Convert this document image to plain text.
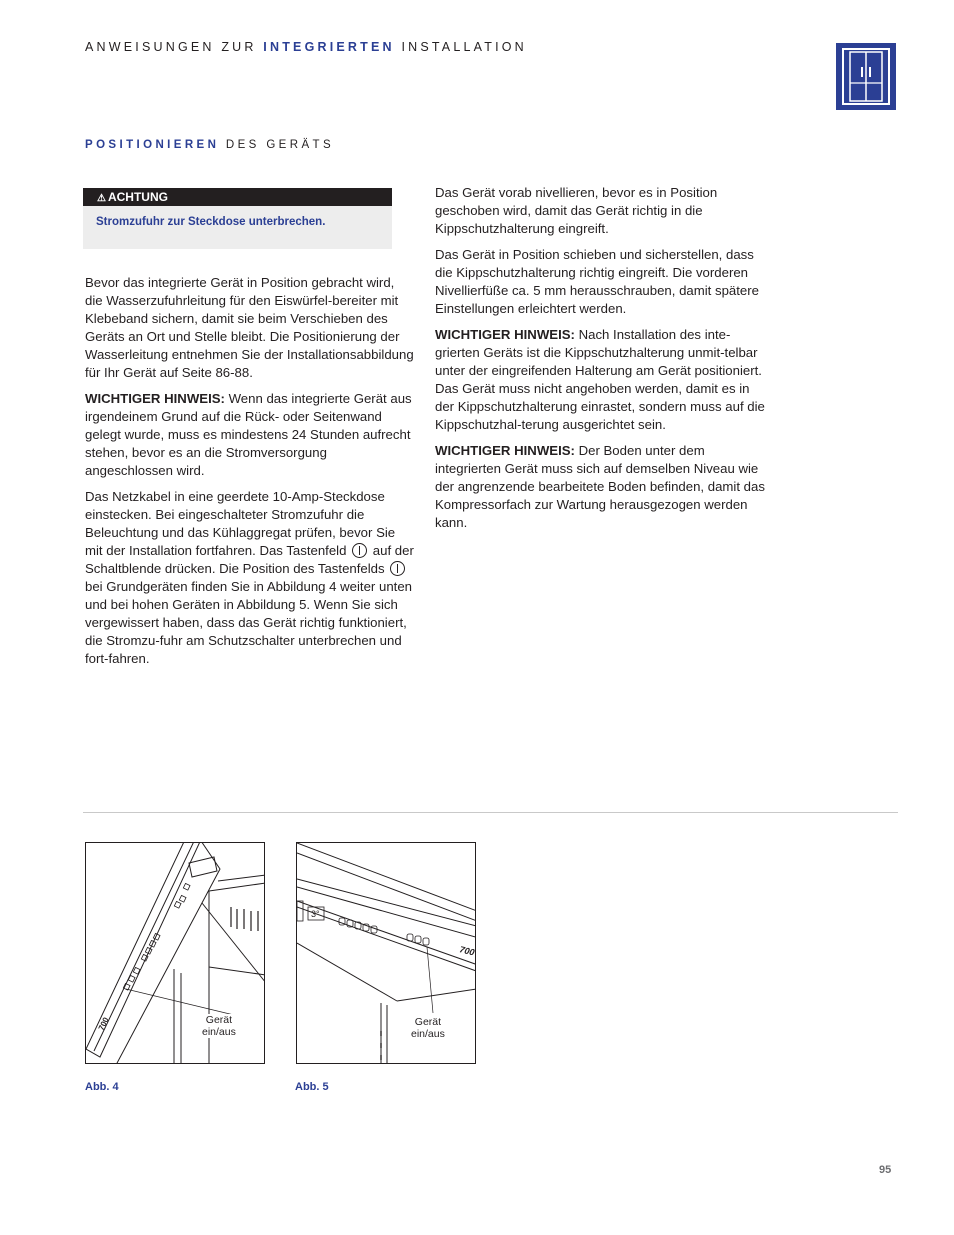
ANWEISUNGEN ZUR INTEGRIERTEN INSTALLATION
POSITIONIEREN DES GERÄTS
⚠ ACHTUNG
Stromzufuhr zur Steckdose unterbrechen.

Bevor das integrierte Gerät in Position gebracht wird, die Wasserzufuhrleitung für den Eiswürfel-bereiter mit Klebeband sichern, damit sie beim Verschieben des Geräts an Ort und Stelle bleibt. Die Positionierung der Wasserleitung entnehmen Sie der Installationsabbildung für Ihr Gerät auf Seite 86-88.

WICHTIGER HINWEIS: Wenn das integrierte Gerät aus irgendeinem Grund auf die Rück- oder Seitenwand gelegt wurde, muss es mindestens 24 Stunden aufrecht stehen, bevor es an die Stromversorgung angeschlossen wird.

Das Netzkabel in eine geerdete 10-Amp-Steckdose einstecken. Bei eingeschalteter Stromzufuhr die Beleuchtung und das Kühlaggregat prüfen, bevor Sie mit der Installation fortfahren. Das Tastenfeld  auf der Schaltblende drücken. Die Position des Tastenfelds  bei Grundgeräten finden Sie in Abbildung 4 weiter unten und bei hohen Geräten in Abbildung 5. Wenn Sie sich vergewissert haben, dass das Gerät richtig funktioniert, die Stromzu-fuhr am Schutzschalter unterbrechen und fort-fahren.

Das Gerät vorab nivellieren, bevor es in Position geschoben wird, damit das Gerät richtig in die Kippschutzhalterung eingreift.

Das Gerät in Position schieben und sicherstellen, dass die Kippschutzhalterung richtig eingreift. Die vorderen Nivellierfüße ca. 5 mm herausschrauben, damit spätere Einstellungen erleichtert werden.

WICHTIGER HINWEIS: Nach Installation des inte-grierten Geräts ist die Kippschutzhalterung unmit-telbar unter der eingreifenden Halterung am Gerät positioniert. Das Gerät muss nicht angehoben werden, damit es in der Kippschutzhalterung einrastet, sondern muss auf die Kippschutzhal-terung ausgerichtet sein.

WICHTIGER HINWEIS: Der Boden unter dem integrierten Gerät muss sich auf demselben Niveau wie der angrenzende bearbeitete Boden befinden, damit das Kompressorfach zur Wartung herausgezogen werden kann.

700	Gerät
ein/aus
Abb. 4
3°
700
Gerät
ein/aus
Abb. 5
95
